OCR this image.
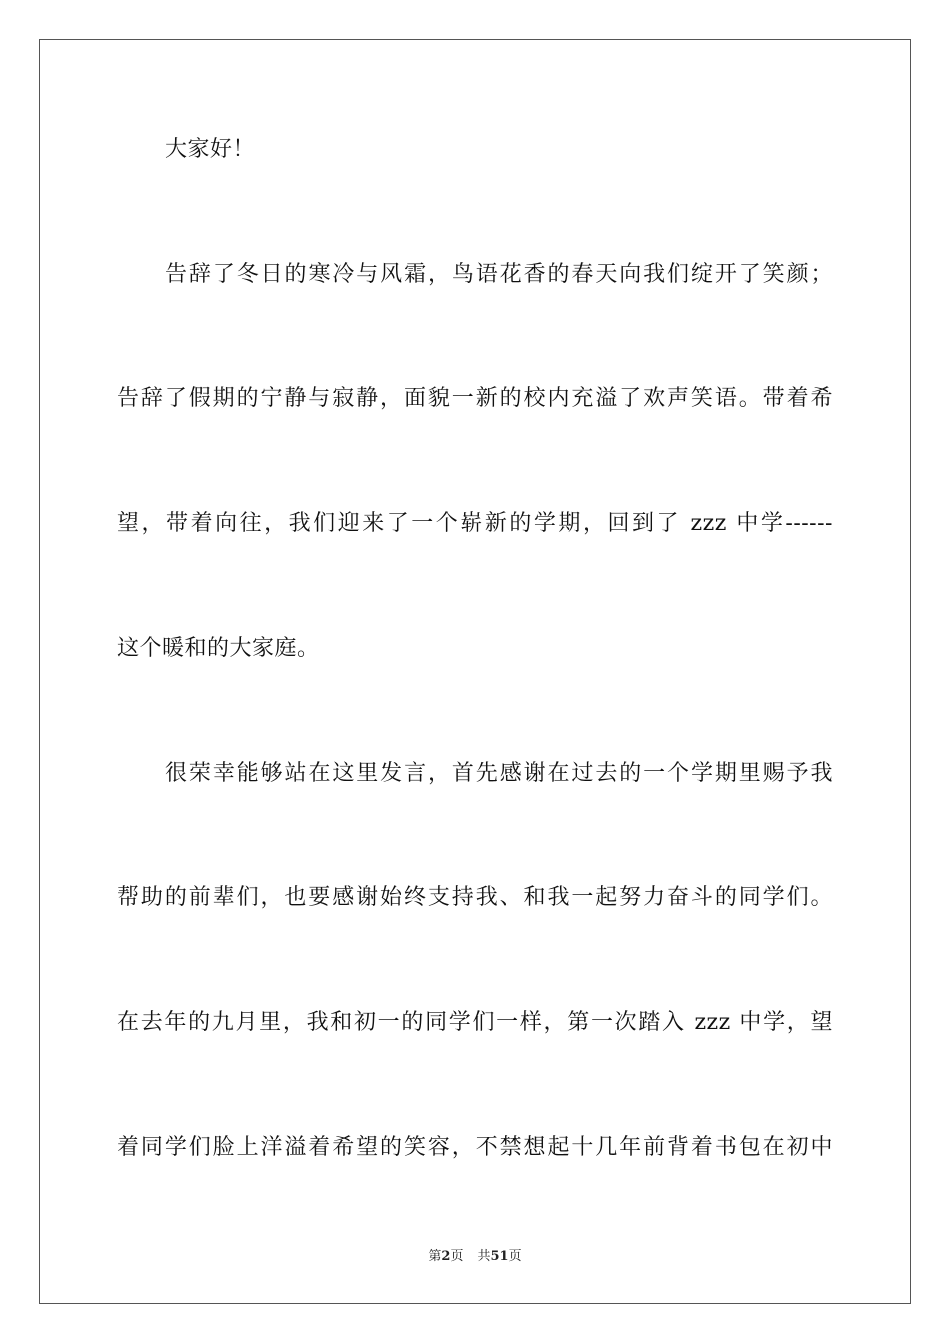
大家好！
告辞了冬日的寒冷与风霜，鸟语花香的春天向我们绽开了笑颜；
告辞了假期的宁静与寂静，面貌一新的校内充溢了欢声笑语。带着希
望，带着向往，我们迎来了一个崭新的学期，回到了 zzz 中学------
这个暖和的大家庭。
很荣幸能够站在这里发言，首先感谢在过去的一个学期里赐予我
帮助的前辈们，也要感谢始终支持我、和我一起努力奋斗的同学们。
在去年的九月里，我和初一的同学们一样，第一次踏入 zzz 中学，望
着同学们脸上洋溢着希望的笑容，不禁想起十几年前背着书包在初中
第2页 共51页
